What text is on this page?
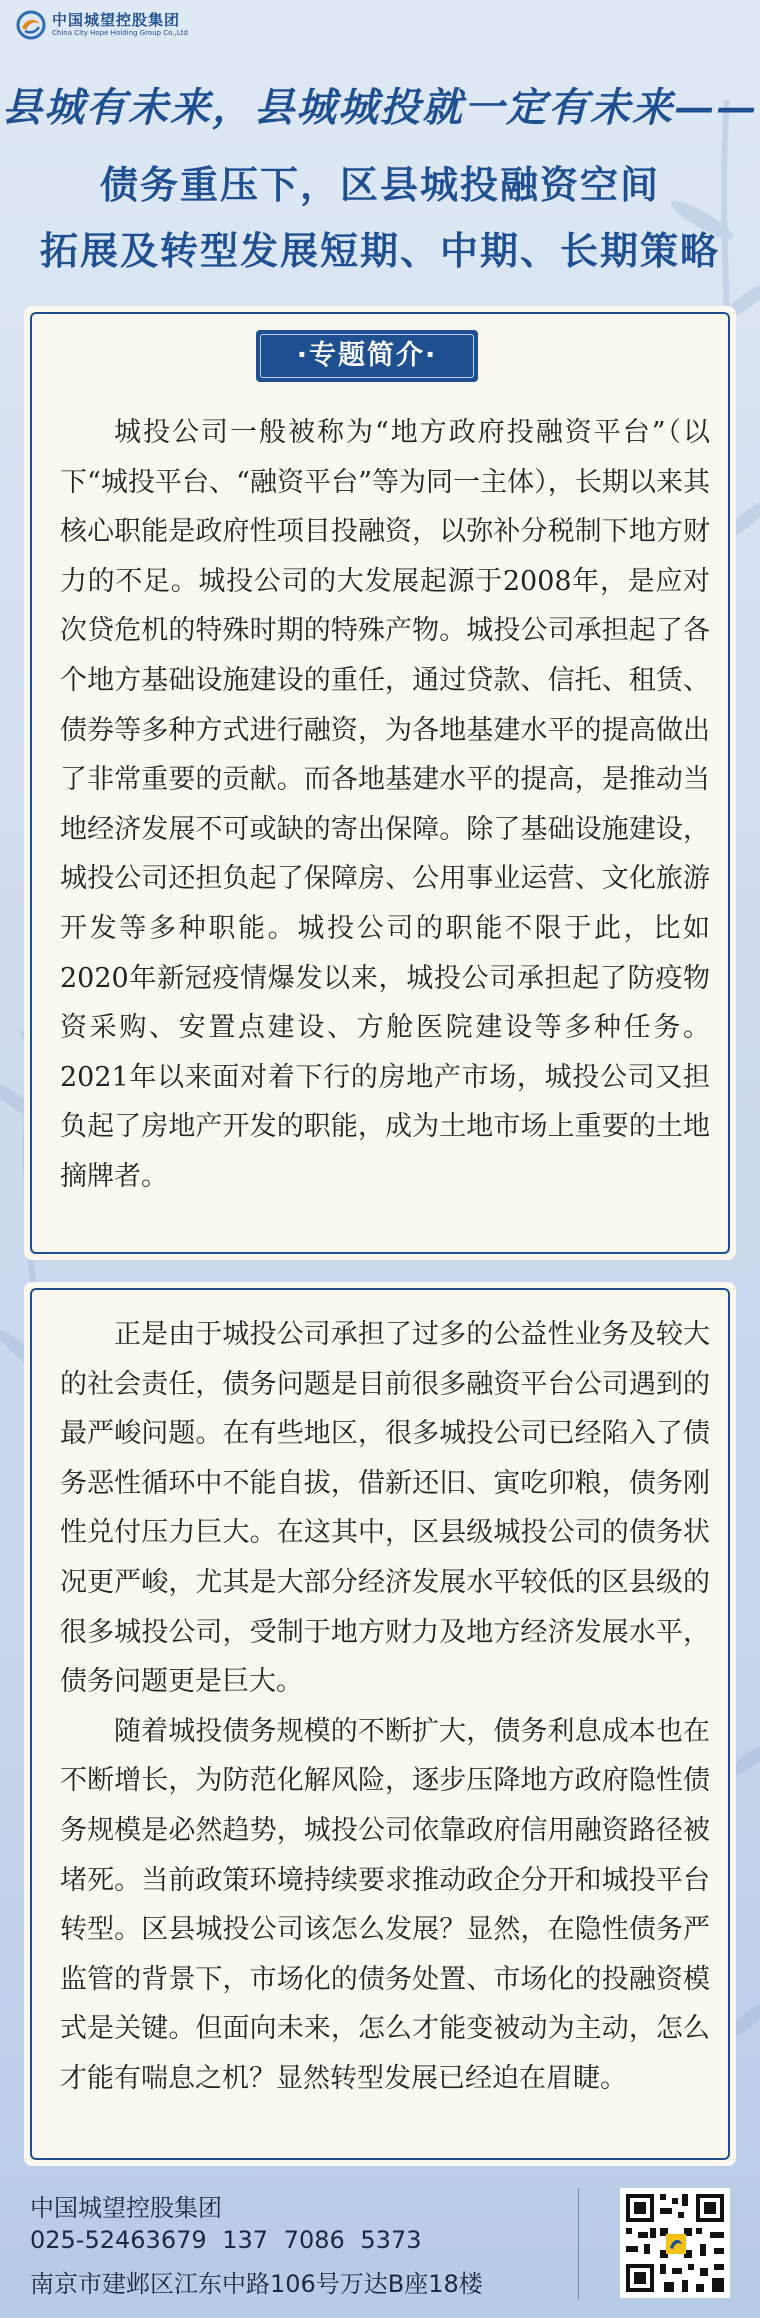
中国城望控股集团
China City Hope Holding Group Co.,Ltd
县城有未来，县城城投就一定有未来——
债务重压下，区县城投融资空间
拓展及转型发展短期、中期、长期策略
·专题简介·

城投公司一般被称为“地方政府投融资平台”（以下“城投平台、“融资平台”等为同一主体），长期以来其核心职能是政府性项目投融资，以弥补分税制下地方财力的不足。城投公司的大发展起源于2008年，是应对次贷危机的特殊时期的特殊产物。城投公司承担起了各个地方基础设施建设的重任，通过贷款、信托、租赁、债券等多种方式进行融资，为各地基建水平的提高做出了非常重要的贡献。而各地基建水平的提高，是推动当地经济发展不可或缺的寄出保障。除了基础设施建设，城投公司还担负起了保障房、公用事业运营、文化旅游开发等多种职能。城投公司的职能不限于此，比如2020年新冠疫情爆发以来，城投公司承担起了防疫物资采购、安置点建设、方舱医院建设等多种任务。2021年以来面对着下行的房地产市场，城投公司又担负起了房地产开发的职能，成为土地市场上重要的土地摘牌者。

正是由于城投公司承担了过多的公益性业务及较大的社会责任，债务问题是目前很多融资平台公司遇到的最严峻问题。在有些地区，很多城投公司已经陷入了债务恶性循环中不能自拔，借新还旧、寅吃卯粮，债务刚性兑付压力巨大。在这其中，区县级城投公司的债务状况更严峻，尤其是大部分经济发展水平较低的区县级的很多城投公司，受制于地方财力及地方经济发展水平，债务问题更是巨大。

随着城投债务规模的不断扩大，债务利息成本也在不断增长，为防范化解风险，逐步压降地方政府隐性债务规模是必然趋势，城投公司依靠政府信用融资路径被堵死。当前政策环境持续要求推动政企分开和城投平台转型。区县城投公司该怎么发展？显然，在隐性债务严监管的背景下，市场化的债务处置、市场化的投融资模式是关键。但面向未来，怎么才能变被动为主动，怎么才能有喘息之机？显然转型发展已经迫在眉睫。

中国城望控股集团
025-52463679 137 7086 5373
南京市建邺区江东中路106号万达B座18楼
